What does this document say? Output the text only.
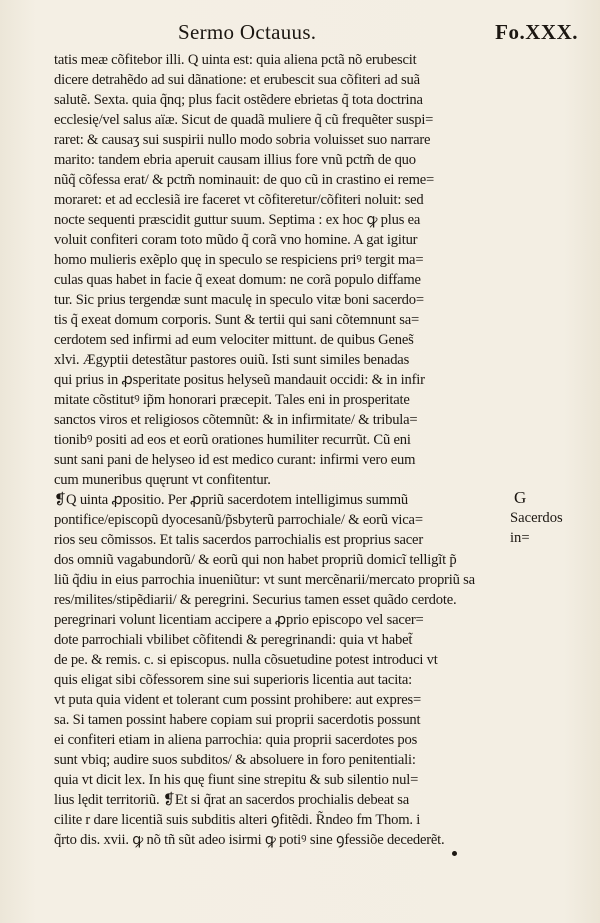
Sermo Octauus.	Fo.XXX.
tatis meæ cõfitebor illi. Q uinta est: quia aliena pctã nõ erubescit
dicere detrahẽdo ad sui dãnatione: et erubescit sua cõfiteri ad suã
salutẽ. Sexta. quia q̃nq; plus facit ostẽdere ebrietas q̃ tota doctrina
ecclesię/vel salus aïæ. Sicut de quadã muliere q̃ cũ frequẽter suspi=
raret: & causaʒ sui suspirii nullo modo sobria voluisset suo narrare
marito: tandem ebria aperuit causam illius fore vnũ pctm̃ de quo
nũq̃ cõfessa erat/ & pctm̃ nominauit: de quo cũ in crastino ei reme=
moraret: et ad ecclesiã ire faceret vt cõfiteretur/cõfiteri noluit: sed
nocte sequenti præscidit guttur suum. Septima : ex hoc ꝙ plus ea
voluit confiteri coram toto mũdo q̃ corã vno homine. A gat igitur
homo mulieris exẽplo quę in speculo se respiciens priꝰ tergit ma=
culas quas habet in facie q̃ exeat domum: ne corã populo diffame
tur. Sic prius tergendæ sunt maculę in speculo vitæ boni sacerdo=
tis q̃ exeat domum corporis. Sunt & tertii qui sani cõtemnunt sa=
cerdotem sed infirmi ad eum velociter mittunt. de quibus Genes̃
xlvi. Ægyptii detestãtur pastores ouiũ. Isti sunt similes benadas
qui prius in ꝓsperitate positus helyseũ mandauit occidi: & in infir
mitate cõstitutꝰ ip̃m honorari præcepit. Tales eni in prosperitate
sanctos viros et religiosos cõtemnũt: & in infirmitate/ & tribula=
tionibꝰ positi ad eos et eorũ orationes humiliter recurrũt. Cũ eni
sunt sani pani de helyseo id est medico curant: infirmi vero eum
cum muneribus quęrunt vt confitentur.
❡Q uinta ꝓpositio. Per ꝓpriũ sacerdotem intelligimus summũ
pontifice/episcopũ dyocesanũ/p̃sbyterũ parrochiale/ & eorũ vica=
rios seu cõmissos. Et talis sacerdos parrochialis est proprius sacer
dos omniũ vagabundorũ/ & eorũ qui non habet propriũ domicĩ telligĩt p̃
liũ q̃diu in eius parrochia inueniũtur: vt sunt mercẽnarii/mercato propriũ sa
res/milites/stipẽdiarii/ & peregrini. Securius tamen esset quãdo cerdote.
peregrinari volunt licentiam accipere a ꝓprio episcopo vel sacer=
dote parrochiali vbilibet cõfitendi & peregrinandi: quia vt habet̃
de pe. & remis. c. si episcopus. nulla cõsuetudine potest introduci vt
quis eligat sibi cõfessorem sine sui superioris licentia aut tacita:
vt puta quia vident et tolerant cum possint prohibere: aut expres=
sa. Si tamen possint habere copiam sui proprii sacerdotis possunt
ei confiteri etiam in aliena parrochia: quia proprii sacerdotes pos
sunt vbiq; audire suos subditos/ & absoluere in foro penitentiali:
quia vt dicit lex. In his quę fiunt sine strepitu & sub silentio nul=
lius lędit territoriũ. ❡Et si q̃rat an sacerdos prochialis debeat sa
cilite r dare licentiã suis subditis alteri ꝯfitẽdi. R̃ndeo fm Thom. i
q̃rto dis. xvii. ꝙ nõ tñ sũt adeo isirmi ꝙ potiꝰ sine ꝯfessiõe decederẽt.
G
Sacerdos
in=
